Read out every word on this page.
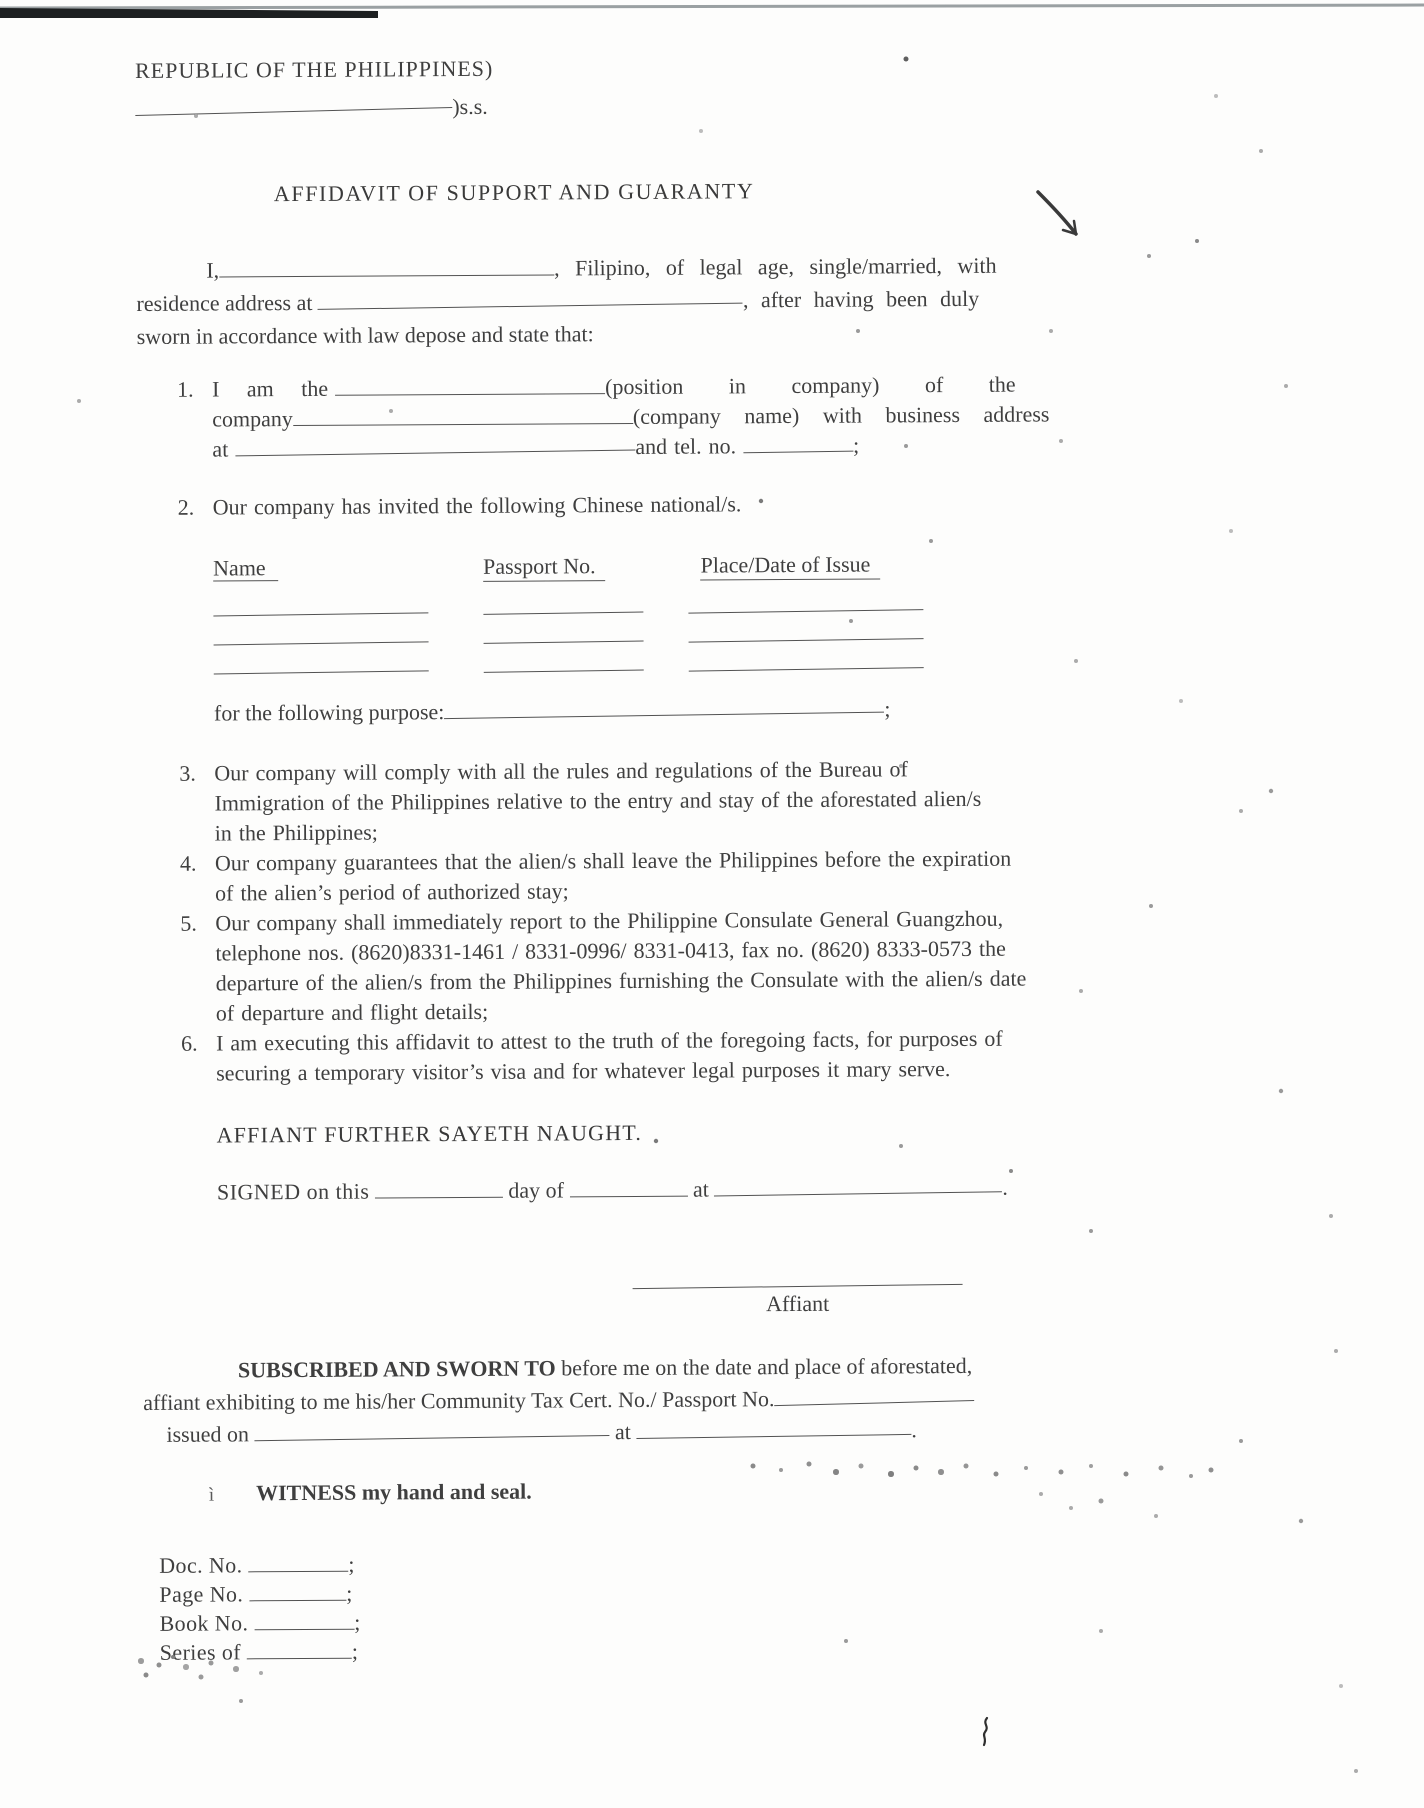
REPUBLIC OF THE PHILIPPINES)
)s.s.
AFFIDAVIT OF SUPPORT AND GUARANTY
I,	, Filipino, of legal age, single/married, with
residence address at	, after having been duly
sworn in accordance with law depose and state that:
1. I am the	(position in company) of the
company	(company name) with business address
at	and tel. no.	;
2. Our company has invited the following Chinese national/s.
Name	Passport No.	Place/Date of Issue
for the following purpose:	;
3. Our company will comply with all the rules and regulations of the Bureau of
Immigration of the Philippines relative to the entry and stay of the aforestated alien/s
in the Philippines;
4. Our company guarantees that the alien/s shall leave the Philippines before the expiration
of the alien’s period of authorized stay;
5. Our company shall immediately report to the Philippine Consulate General Guangzhou,
telephone nos. (8620)8331-1461 / 8331-0996/ 8331-0413, fax no. (8620) 8333-0573 the
departure of the alien/s from the Philippines furnishing the Consulate with the alien/s date
of departure and flight details;
6. I am executing this affidavit to attest to the truth of the foregoing facts, for purposes of
securing a temporary visitor’s visa and for whatever legal purposes it mary serve.
AFFIANT FURTHER SAYETH NAUGHT.
SIGNED on this	day of	at	.
Affiant
SUBSCRIBED AND SWORN TO before me on the date and place of aforestated,
affiant exhibiting to me his/her Community Tax Cert. No./ Passport No.
issued on	at	.
ì WITNESS my hand and seal.
Doc. No.	;
Page No.	;
Book No.	;
Series of	;
